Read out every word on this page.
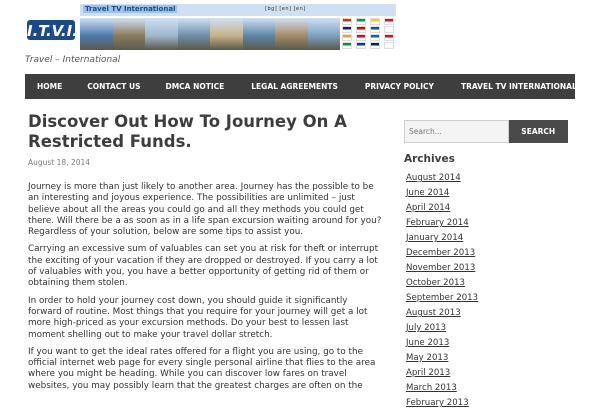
I.T.V.I.
Travel TV International	[bg] [en] [en]
Travel – International
HOME	CONTACT US	DMCA NOTICE	LEGAL AGREEMENTS	PRIVACY POLICY	TRAVEL TV INTERNATIONAL
Discover Out How To Journey On A Restricted Funds.
August 18, 2014

Journey is more than just likely to another area. Journey has the possible to be an interesting and joyous experience. The possibilities are unlimited – just believe about all the areas you could go and all they methods you could get there. Will there be a as soon as in a life span excursion waiting around for you? Regardless of your solution, below are some tips to assist you.

Carrying an excessive sum of valuables can set you at risk for theft or interrupt the exciting of your vacation if they are dropped or destroyed. If you carry a lot of valuables with you, you have a better opportunity of getting rid of them or obtaining them stolen.

In order to hold your journey cost down, you should guide it significantly forward of routine. Most things that you require for your journey will get a lot more high-priced as your excursion methods. Do your best to lessen last moment shelling out to make your travel dollar stretch.

If you want to get the ideal rates offered for a flight you are using, go to the official internet web page for every single personal airline that flies to the area where you might be heading. While you can discover low fares on travel websites, you may possibly learn that the greatest charges are often on the

Search...
SEARCH
Archives
August 2014
June 2014
April 2014
February 2014
January 2014
December 2013
November 2013
October 2013
September 2013
August 2013
July 2013
June 2013
May 2013
April 2013
March 2013
February 2013
